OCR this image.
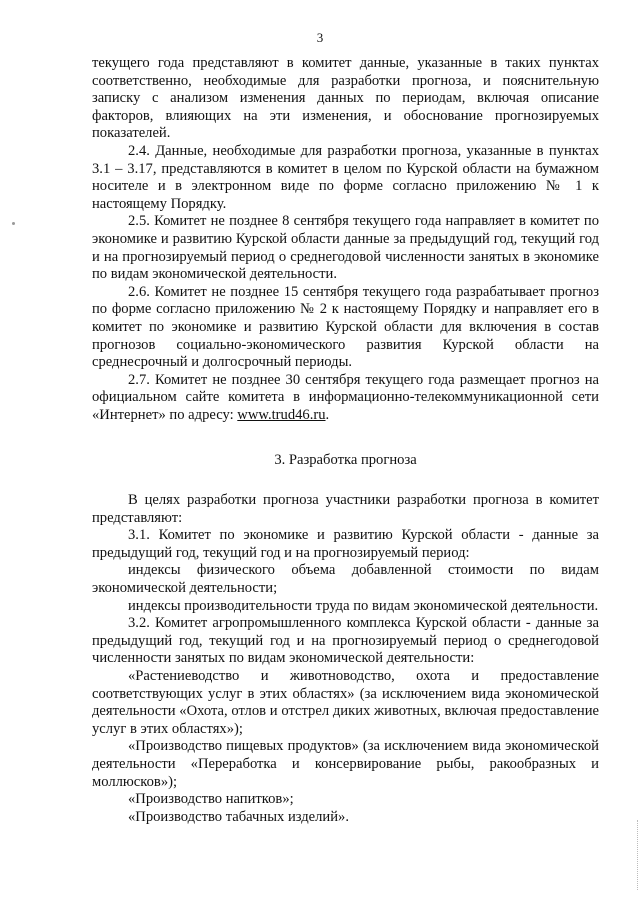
3

текущего года представляют в комитет данные, указанные в таких пунктах соответственно, необходимые для разработки прогноза, и пояснительную записку с анализом изменения данных по периодам, включая описание факторов, влияющих на эти изменения, и обоснование прогнозируемых показателей.

2.4. Данные, необходимые для разработки прогноза, указанные в пунктах 3.1 – 3.17, представляются в комитет в целом по Курской области на бумажном носителе и в электронном виде по форме согласно приложению № 1 к настоящему Порядку.

2.5. Комитет не позднее 8 сентября текущего года направляет в комитет по экономике и развитию Курской области данные за предыдущий год, текущий год и на прогнозируемый период о среднегодовой численности занятых в экономике по видам экономической деятельности.

2.6. Комитет не позднее 15 сентября текущего года разрабатывает прогноз по форме согласно приложению № 2 к настоящему Порядку и направляет его в комитет по экономике и развитию Курской области для включения в состав прогнозов социально-экономического развития Курской области на среднесрочный и долгосрочный периоды.

2.7. Комитет не позднее 30 сентября текущего года размещает прогноз на официальном сайте комитета в информационно-телекоммуникационной сети «Интернет» по адресу: www.trud46.ru.

3. Разработка прогноза

В целях разработки прогноза участники разработки прогноза в комитет представляют:

3.1. Комитет по экономике и развитию Курской области - данные за предыдущий год, текущий год и на прогнозируемый период:

индексы физического объема добавленной стоимости по видам экономической деятельности;

индексы производительности труда по видам экономической деятельности.

3.2. Комитет агропромышленного комплекса Курской области - данные за предыдущий год, текущий год и на прогнозируемый период о среднегодовой численности занятых по видам экономической деятельности:

«Растениеводство и животноводство, охота и предоставление соответствующих услуг в этих областях» (за исключением вида экономической деятельности «Охота, отлов и отстрел диких животных, включая предоставление услуг в этих областях»);

«Производство пищевых продуктов» (за исключением вида экономической деятельности «Переработка и консервирование рыбы, ракообразных и моллюсков»);

«Производство напитков»;

«Производство табачных изделий».
